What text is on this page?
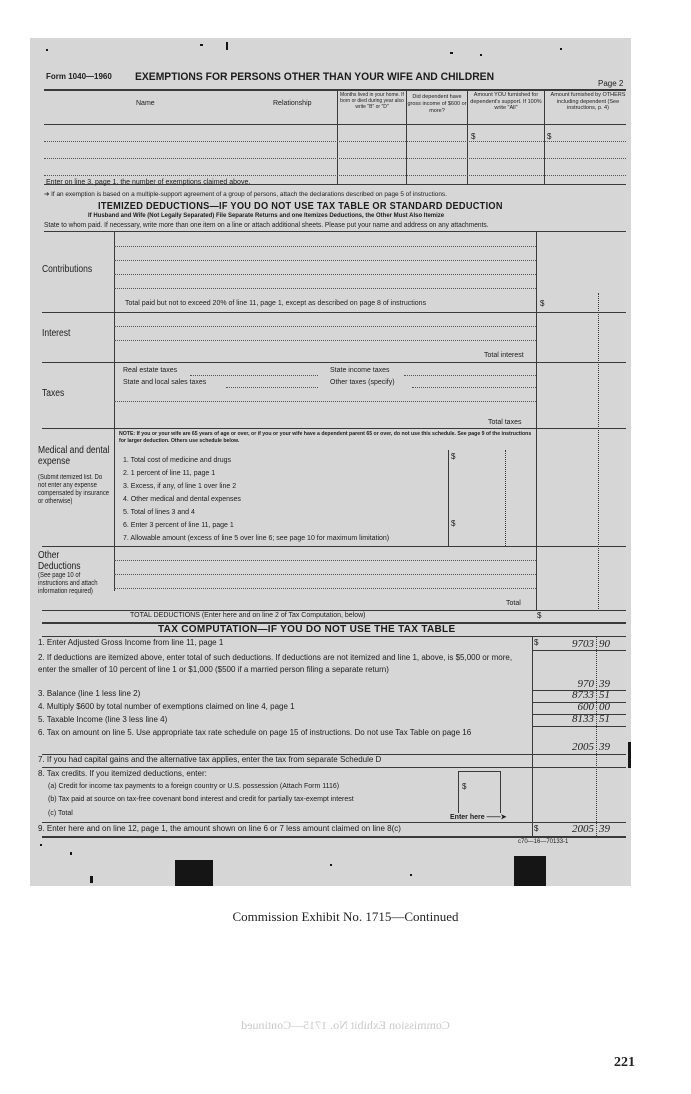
Form 1040—1960 EXEMPTIONS FOR PERSONS OTHER THAN YOUR WIFE AND CHILDREN
Page 2
Name	Relationship
Months lived in your home. If born or died during year also write "B" or "D"
Did dependent have gross income of $600 or more?
Amount YOU furnished for dependent's support. If 100% write "All"
Amount furnished by OTHERS including dependent (See instructions, p. 4)
$	$
Enter on line 3, page 1, the number of exemptions claimed above.
➔ If an exemption is based on a multiple-support agreement of a group of persons, attach the declarations described on page 5 of instructions.
ITEMIZED DEDUCTIONS—IF YOU DO NOT USE TAX TABLE OR STANDARD DEDUCTION
If Husband and Wife (Not Legally Separated) File Separate Returns and one Itemizes Deductions, the Other Must Also Itemize
State to whom paid. If necessary, write more than one item on a line or attach additional sheets. Please put your name and address on any attachments.
Contributions
Total paid but not to exceed 20% of line 11, page 1, except as described on page 8 of instructions	$
Interest
Total interest
Real estate taxes	State income taxes
State and local sales taxes	Other taxes (specify)
Taxes
Total taxes
NOTE: If you or your wife are 65 years of age or over, or if you or your wife have a dependent parent 65 or over, do not use this schedule. See page 9 of the instructions for larger deduction. Others use schedule below.
Medical and dental expense
(Submit itemized list. Do not enter any expense compensated by insurance or otherwise)
1. Total cost of medicine and drugs	$
2. 1 percent of line 11, page 1
3. Excess, if any, of line 1 over line 2
4. Other medical and dental expenses
5. Total of lines 3 and 4
6. Enter 3 percent of line 11, page 1	$
7. Allowable amount (excess of line 5 over line 6; see page 10 for maximum limitation)
Other Deductions
(See page 10 of instructions and attach information required)
Total
TOTAL DEDUCTIONS (Enter here and on line 2 of Tax Computation, below)	$
TAX COMPUTATION—IF YOU DO NOT USE THE TAX TABLE
1. Enter Adjusted Gross Income from line 11, page 1	$	9703 90
2. If deductions are itemized above, enter total of such deductions. If deductions are not itemized and line 1, above, is $5,000 or more, enter the smaller of 10 percent of line 1 or $1,000 ($500 if a married person filing a separate return)
970 39
3. Balance (line 1 less line 2)	8733 51
4. Multiply $600 by total number of exemptions claimed on line 4, page 1	600 00
5. Taxable Income (line 3 less line 4)	8133 51
6. Tax on amount on line 5. Use appropriate tax rate schedule on page 15 of instructions. Do not use Tax Table on page 16
2005 39
7. If you had capital gains and the alternative tax applies, enter the tax from separate Schedule D
8. Tax credits. If you itemized deductions, enter:
(a) Credit for income tax payments to a foreign country or U.S. possession (Attach Form 1116)	$
(b) Tax paid at source on tax-free covenant bond interest and credit for partially tax-exempt interest
(c) Total
Enter here ——➤
9. Enter here and on line 12, page 1, the amount shown on line 6 or 7 less amount claimed on line 8(c)	$	2005 39
c70—16—70133-1
Commission Exhibit No. 1715—Continued
Commission Exhibit No. 1715—Continued
221
